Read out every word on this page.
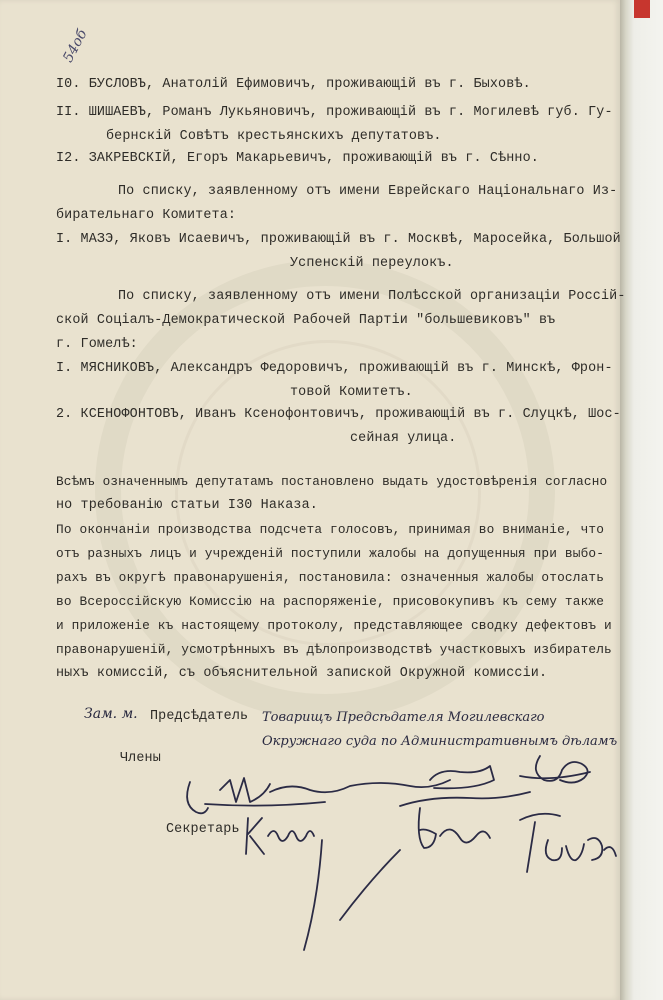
54об
I0. БУСЛОВЪ, Анатолiй Ефимовичъ, проживающiй въ г. Быховѣ.
II. ШИШАЕВЪ, Романъ Лукьяновичъ, проживающiй въ г. Могилевѣ губ. Гу-
бернскiй Совѣтъ крестьянскихъ депутатовъ.
I2. ЗАКРЕВСКIЙ, Егоръ Макарьевичъ, проживающiй въ г. Сѣнно.
По списку, заявленному отъ имени Еврейскаго Нацiональнаго Из-
бирательнаго Комитета:
I. МАЗЭ, Яковъ Исаевичъ, проживающiй въ г. Москвѣ, Маросейка, Большой
Успенскiй переулокъ.
По списку, заявленному отъ имени Полѣсской организацiи Россiй-
ской Соцiалъ-Демократической Рабочей Партiи "большевиковъ" въ
г. Гомелѣ:
I. МЯСНИКОВЪ, Александръ Федоровичъ, проживающiй въ г. Минскѣ, Фрон-
товой Комитетъ.
2. КСЕНОФОНТОВЪ, Иванъ Ксенофонтовичъ, проживающiй въ г. Слуцкѣ, Шос-
сейная улица.
Всѣмъ означеннымъ депутатамъ постановлено выдать удостовѣренiя согласно
но требованiю статьи I30 Наказа.
По окончанiи производства подсчета голосовъ, принимая во вниманiе, что
отъ разныхъ лицъ и учрежденiй поступили жалобы на допущенныя при выбо-
рахъ въ округѣ правонарушенiя, постановила: означенныя жалобы отослать
во Всероссiйскую Комиссiю на распоряженiе, присовокупивъ къ сему также
и приложенiе къ настоящему протоколу, представляющее сводку дефектовъ и
правонарушенiй, усмотрѣнныхъ въ дѣлопроизводствѣ участковыхъ избиратель
ныхъ комиссiй, съ объяснительной запиской Окружной комиссiи.
Зам. м. Предсѣдатель Товарищъ Предсѣдателя Могилевскаго Окружнаго суда по Административнымъ дѣламъ
Члены
Секретарь
